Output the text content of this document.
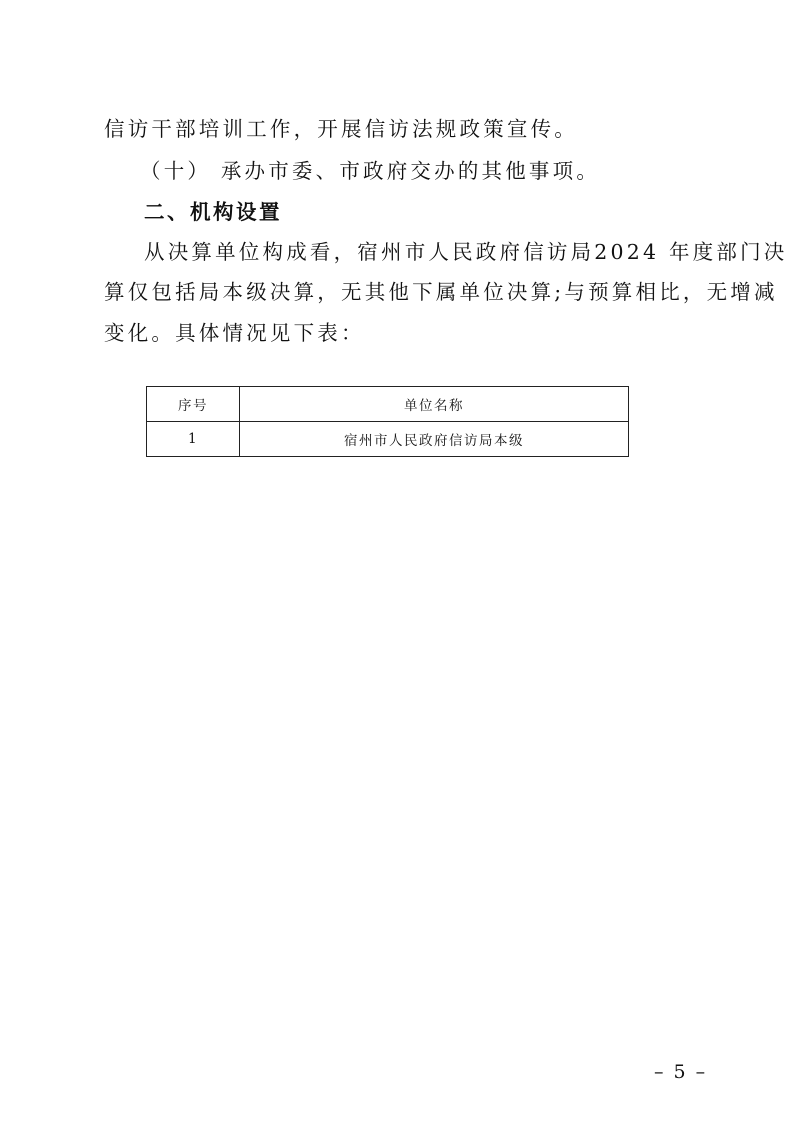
信访干部培训工作，开展信访法规政策宣传。
（十） 承办市委、市政府交办的其他事项。
二、机构设置
从决算单位构成看，宿州市人民政府信访局2024 年度部门决
算仅包括局本级决算，无其他下属单位决算;与预算相比，无增减
变化。具体情况见下表：
序号	单位名称
1	宿州市人民政府信访局本级
– 5 –
